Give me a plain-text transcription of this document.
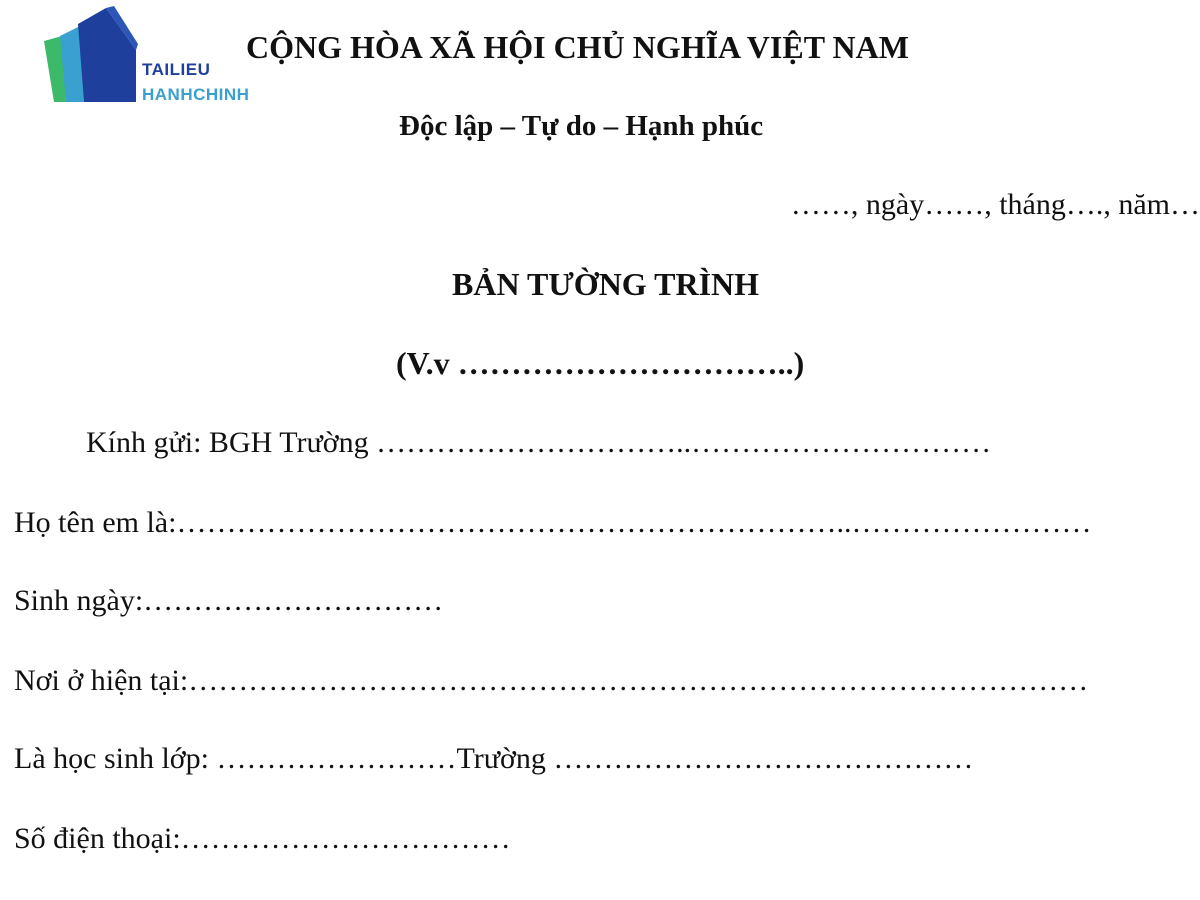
TAILIEU
HANHCHINH
CỘNG HÒA XÃ HỘI CHỦ NGHĨA VIỆT NAM
Độc lập – Tự do – Hạnh phúc
……, ngày……, tháng…., năm…
BẢN TƯỜNG TRÌNH
(V.v …………………………..)
Kính gửi: BGH Trường …………………………..…………………………
Họ tên em là:…………………………………………………………..……………………
Sinh ngày:…………………………
Nơi ở hiện tại:………………………………………………………………………………
Là học sinh lớp: ……………………Trường ……………………………………
Số điện thoại:……………………………
